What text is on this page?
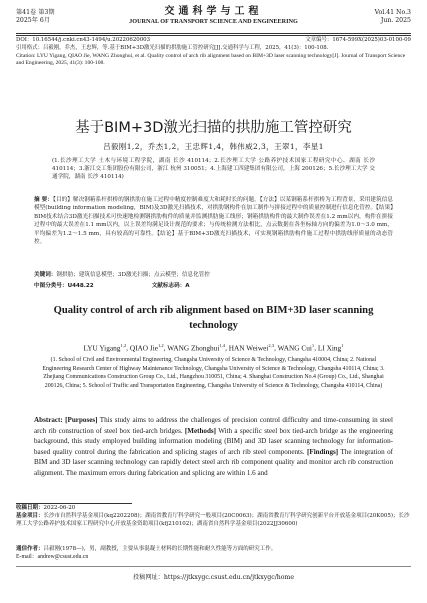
第41卷 第3期
2025年 6月
交通科学与工程
JOURNAL OF TRANSPORT SCIENCE AND ENGINEERING
Vol.41 No.3
Jun. 2025
DOI：10.16544/j.cnki.cn43-1494/u.20220620003	文章编号：1674-599X(2025)03-0100-09
引用格式：吕毅刚，乔杰，王忠辉，等.基于BIM+3D激光扫描的拱肋施工管控研究[J].交通科学与工程，2025，41(3)：100-108.
Citation: LYU Yigang, QIAO Jie, WANG Zhonghui, et al. Quality control of arch rib alignment based on BIM+3D laser scanning technology[J]. Journal of Transport Science and Engineering, 2025, 41(3): 100-108.
基于BIM+3D激光扫描的拱肋施工管控研究
吕毅刚1,2，乔杰1,2，王忠辉1,4，韩伟威2,3，王翠1，李星1
(1.长沙理工大学 土木与环境工程学院，湖南 长沙 410114；2.长沙理工大学 公路养护技术国家工程研究中心，湖南 长沙 410114；3.浙江交工集团股份有限公司，浙江 杭州 310051；4.上海建工四建集团有限公司，上海 200126；5.长沙理工大学 交通学院，湖南 长沙 410114)
摘 要：【目的】解决钢箱系杆拱桥的钢拱肋在施工过程中精度控制难度大和耗时长的问题。【方法】以某钢箱系杆拱桥为工程背景，采用建筑信息模型(building information modeling，BIM)及3D激光扫描技术，对拱肋钢构件在加工制作与拼接过程中的质量控制进行信息化管控。【结果】BIM技术结合3D激光扫描技术可快速地检测钢拱肋构件的质量并监测拱肋施工线形；钢箱拱肋构件的最大制作误差在1.2 mm以内，构件在拼接过程中的最大误差在1.1 mm以内，以上误差均满足设计规范的要求；与传统检测方法相比，点云数据在各坐标轴方向的偏差为1.0～3.0 mm，平均偏差为1.2～1.5 mm，具有较高的可靠性。【结论】基于BIM+3D激光扫描技术，可实现钢箱拱肋构件施工过程中拱肋线形质量的动态管控。
关键词：钢拱肋；建筑信息模型；3D激光扫描；点云模型；信息化管控
中图分类号：U448.22	文献标志码：A
Quality control of arch rib alignment based on BIM+3D laser scanning technology
LYU Yigang$^{1,2}$, QIAO Jie$^{1,2}$, WANG Zhonghui$^{1,4}$, HAN Weiwei$^{2,3}$, WANG Cui$^1$, LI Xing$^1$
(1. School of Civil and Environmental Engineering, Changsha University of Science & Technology, Changsha 410004, China; 2. National Engineering Research Center of Highway Maintenance Technology, Changsha University of Science & Technology, Changsha 410114, China; 3. Zhejiang Communications Construction Group Co., Ltd., Hangzhou 310051, China; 4. Shanghai Construction No.4 (Group) Co., Ltd., Shanghai 200126, China; 5. School of Traffic and Transportation Engineering, Changsha University of Science & Technology, Changsha 410114, China)
Abstract: [Purposes] This study aims to address the challenges of precision control difficulty and time-consuming in steel arch rib construction of steel box tied-arch bridges. [Methods] With a specific steel box tied-arch bridge as the engineering background, this study employed building information modeling (BIM) and 3D laser scanning technology for information-based quality control during the fabrication and splicing stages of arch rib steel components. [Findings] The integration of BIM and 3D laser scanning technology can rapidly detect steel arch rib component quality and monitor arch rib construction alignment. The maximum errors during fabrication and splicing are within 1.6 and
收稿日期：2022-06-20
基金项目：长沙市自然科学基金项目(kq2202208)；湖南省教育厅科学研究一般项目(20C0063)；湖南省教育厅科学研究创新平台开放基金项目(20K005)；长沙理工大学公路养护技术国家工程研究中心开放基金资助项目(kfj210102)；湖南省自然科学基金项目(2022JJ30600)
通信作者：吕毅刚(1978—)，男，副教授，主要从事混凝土材料的长期性能和耐久性能等方面的研究工作。
E-mail：andrew@csust.edu.cn
投稿网址：https://jtkxygc.csust.edu.cn/jtkxygc/home
